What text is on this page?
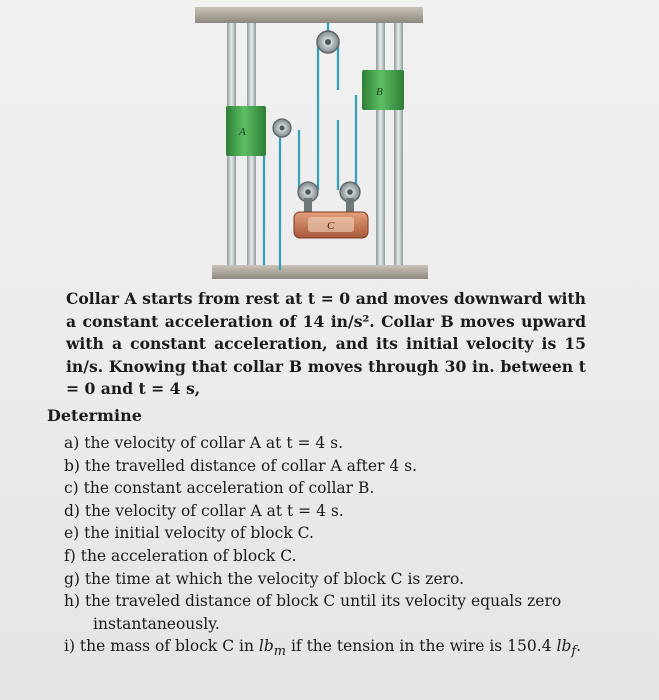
B
A
C
Collar A starts from rest at t = 0 and moves downward with a constant acceleration of 14 in/s². Collar B moves upward with a constant acceleration, and its initial velocity is 15 in/s. Knowing that collar B moves through 30 in. between t = 0 and t = 4 s,
Determine
a) the velocity of collar A at t = 4 s.
b) the travelled distance of collar A after 4 s.
c) the constant acceleration of collar B.
d) the velocity of collar A at t = 4 s.
e) the initial velocity of block C.
f) the acceleration of block C.
g) the time at which the velocity of block C is zero.
h) the traveled distance of block C until its velocity equals zero
instantaneously.
i) the mass of block C in $lb_m$ if the tension in the wire is 150.4 $lb_f$.
